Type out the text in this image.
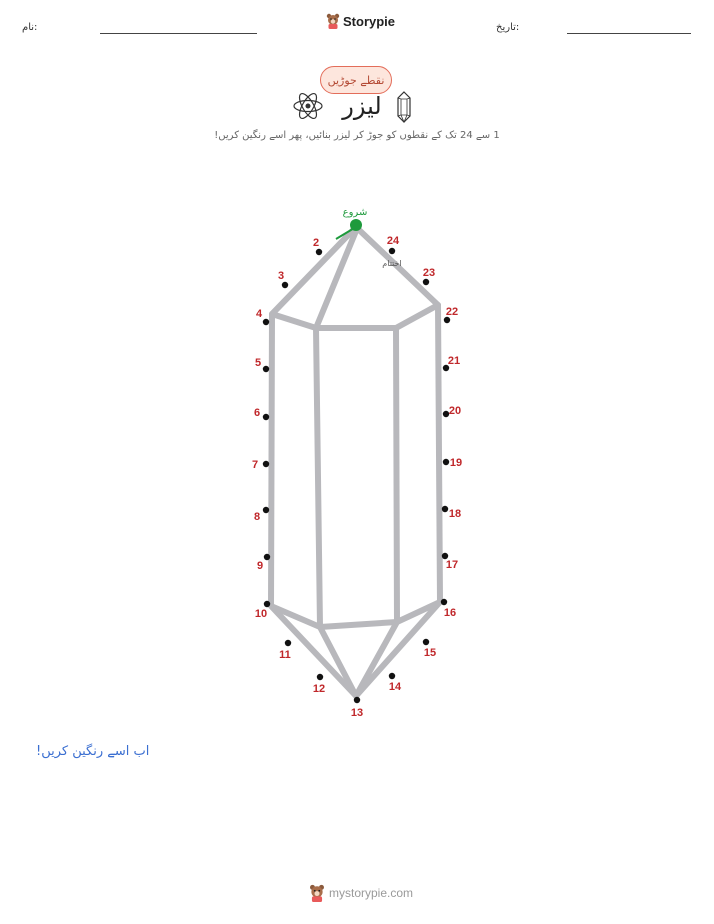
نام:	Storypie	تاریخ:
نقطے جوڑیں
لیزر
1 سے 24 تک کے نقطوں کو جوڑ کر لیزر بنائیں، پھر اسے رنگین کریں!
شروع
اختتام
2
3
4
5
6
7
8
9
10
11
12
13
14
15
16
17
18
19
20
21
22
23
24
اب اسے رنگین کریں!
mystorypie.com
